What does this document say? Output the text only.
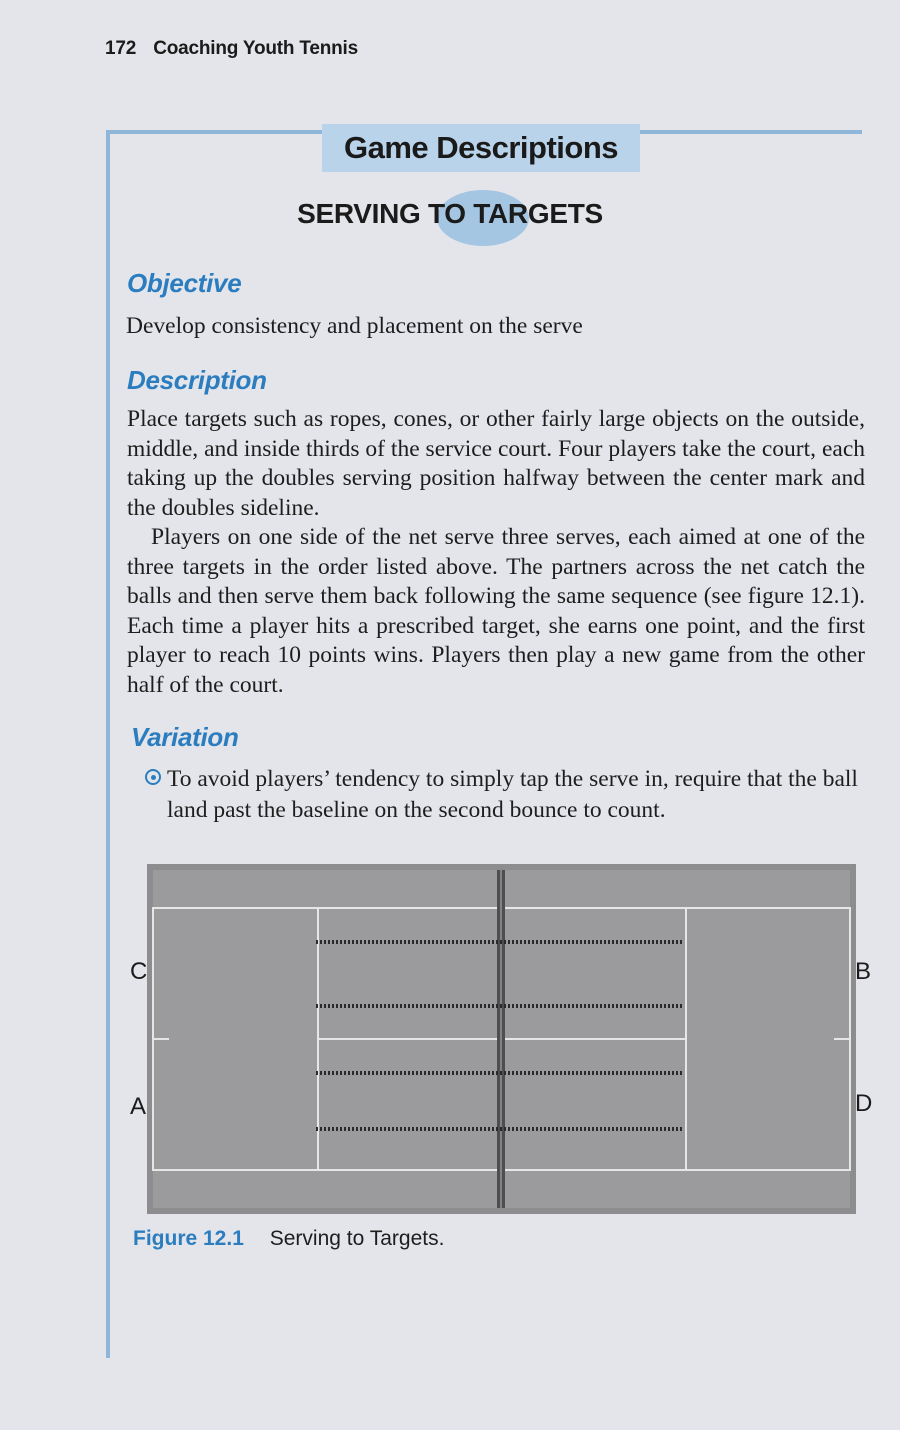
172 Coaching Youth Tennis
Game Descriptions
SERVING TO TARGETS
Objective
Develop consistency and placement on the serve
Description

Place targets such as ropes, cones, or other fairly large objects on the outside, middle, and inside thirds of the service court. Four players take the court, each taking up the doubles serving position halfway between the center mark and the doubles sideline.

Players on one side of the net serve three serves, each aimed at one of the three targets in the order listed above. The partners across the net catch the balls and then serve them back following the same sequence (see figure 12.1). Each time a player hits a prescribed target, she earns one point, and the first player to reach 10 points wins. Players then play a new game from the other half of the court.

Variation
To avoid players’ tendency to simply tap the serve in, require that the ball land past the baseline on the second bounce to count.
C
A
B
D
Figure 12.1 Serving to Targets.
